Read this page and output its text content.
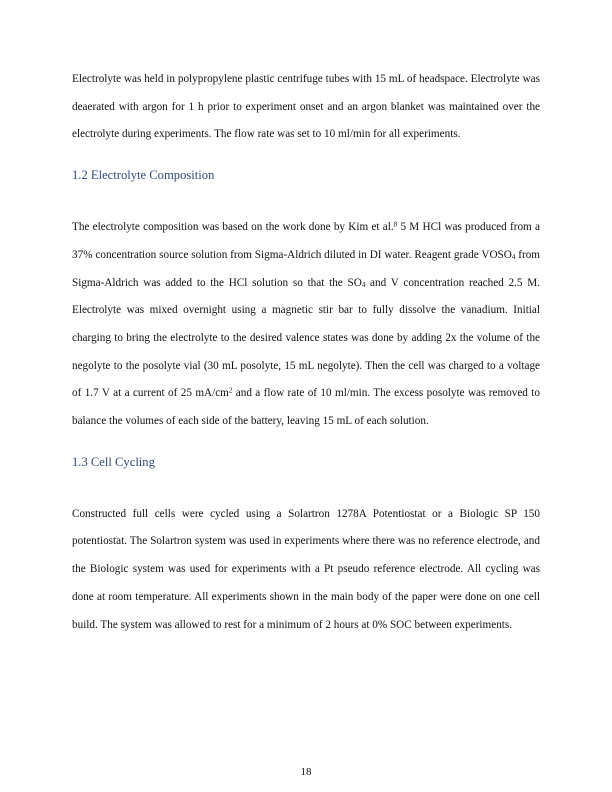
Electrolyte was held in polypropylene plastic centrifuge tubes with 15 mL of headspace. Electrolyte was deaerated with argon for 1 h prior to experiment onset and an argon blanket was maintained over the electrolyte during experiments. The flow rate was set to 10 ml/min for all experiments.

1.2 Electrolyte Composition

The electrolyte composition was based on the work done by Kim et al.$^8$ 5 M HCl was produced from a 37% concentration source solution from Sigma-Aldrich diluted in DI water. Reagent grade $VOSO_4$ from Sigma-Aldrich was added to the HCl solution so that the $SO_4$ and V concentration reached 2.5 M. Electrolyte was mixed overnight using a magnetic stir bar to fully dissolve the vanadium. Initial charging to bring the electrolyte to the desired valence states was done by adding 2x the volume of the negolyte to the posolyte vial (30 mL posolyte, 15 mL negolyte). Then the cell was charged to a voltage of 1.7 V at a current of 25 $mA/cm^2$ and a flow rate of 10 ml/min. The excess posolyte was removed to balance the volumes of each side of the battery, leaving 15 mL of each solution.

1.3 Cell Cycling

Constructed full cells were cycled using a Solartron 1278A Potentiostat or a Biologic SP 150 potentiostat. The Solartron system was used in experiments where there was no reference electrode, and the Biologic system was used for experiments with a Pt pseudo reference electrode. All cycling was done at room temperature. All experiments shown in the main body of the paper were done on one cell build. The system was allowed to rest for a minimum of 2 hours at 0% SOC between experiments.

18
